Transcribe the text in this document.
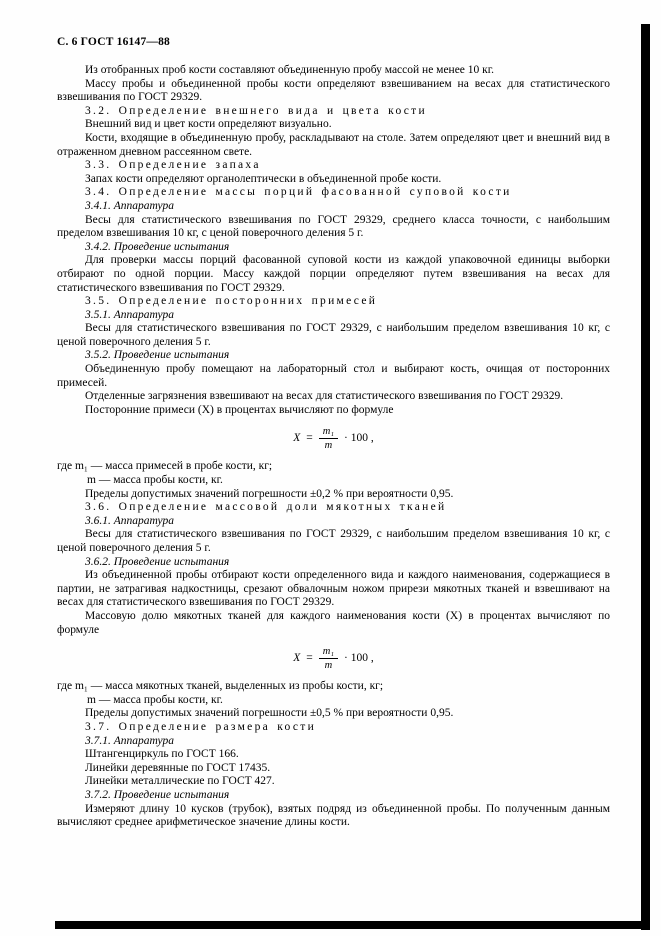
С. 6 ГОСТ 16147—88

Из отобранных проб кости составляют объединенную пробу массой не менее 10 кг.

Массу пробы и объединенной пробы кости определяют взвешиванием на весах для статистического взвешивания по ГОСТ 29329.

3.2. Определение внешнего вида и цвета кости

Внешний вид и цвет кости определяют визуально.

Кости, входящие в объединенную пробу, раскладывают на столе. Затем определяют цвет и внешний вид в отраженном дневном рассеянном свете.

3.3. Определение запаха

Запах кости определяют органолептически в объединенной пробе кости.

3.4. Определение массы порций фасованной суповой кости

3.4.1. Аппаратура

Весы для статистического взвешивания по ГОСТ 29329, среднего класса точности, с наибольшим пределом взвешивания 10 кг, с ценой поверочного деления 5 г.

3.4.2. Проведение испытания

Для проверки массы порций фасованной суповой кости из каждой упаковочной единицы выборки отбирают по одной порции. Массу каждой порции определяют путем взвешивания на весах для статистического взвешивания по ГОСТ 29329.

3.5. Определение посторонних примесей

3.5.1. Аппаратура

Весы для статистического взвешивания по ГОСТ 29329, с наибольшим пределом взвешивания 10 кг, с ценой поверочного деления 5 г.

3.5.2. Проведение испытания

Объединенную пробу помещают на лабораторный стол и выбирают кость, очищая от посторонних примесей.

Отделенные загрязнения взвешивают на весах для статистического взвешивания по ГОСТ 29329.

Посторонние примеси (X) в процентах вычисляют по формуле

$X = \frac{\text{m₁}}{m} \cdot 100$ ,

где m₁ — масса примесей в пробе кости, кг;

m — масса пробы кости, кг.

Пределы допустимых значений погрешности ±0,2 % при вероятности 0,95.

3.6. Определение массовой доли мякотных тканей

3.6.1. Аппаратура

Весы для статистического взвешивания по ГОСТ 29329, с наибольшим пределом взвешивания 10 кг, с ценой поверочного деления 5 г.

3.6.2. Проведение испытания

Из объединенной пробы отбирают кости определенного вида и каждого наименования, содержащиеся в партии, не затрагивая надкостницы, срезают обвалочным ножом прирези мякотных тканей и взвешивают на весах для статистического взвешивания по ГОСТ 29329.

Массовую долю мякотных тканей для каждого наименования кости (X) в процентах вычисляют по формуле

$X = \frac{\text{m₁}}{m} \cdot 100$ ,

где m₁ — масса мякотных тканей, выделенных из пробы кости, кг;

m — масса пробы кости, кг.

Пределы допустимых значений погрешности ±0,5 % при вероятности 0,95.

3.7. Определение размера кости

3.7.1. Аппаратура

Штангенциркуль по ГОСТ 166.

Линейки деревянные по ГОСТ 17435.

Линейки металлические по ГОСТ 427.

3.7.2. Проведение испытания

Измеряют длину 10 кусков (трубок), взятых подряд из объединенной пробы. По полученным данным вычисляют среднее арифметическое значение длины кости.
